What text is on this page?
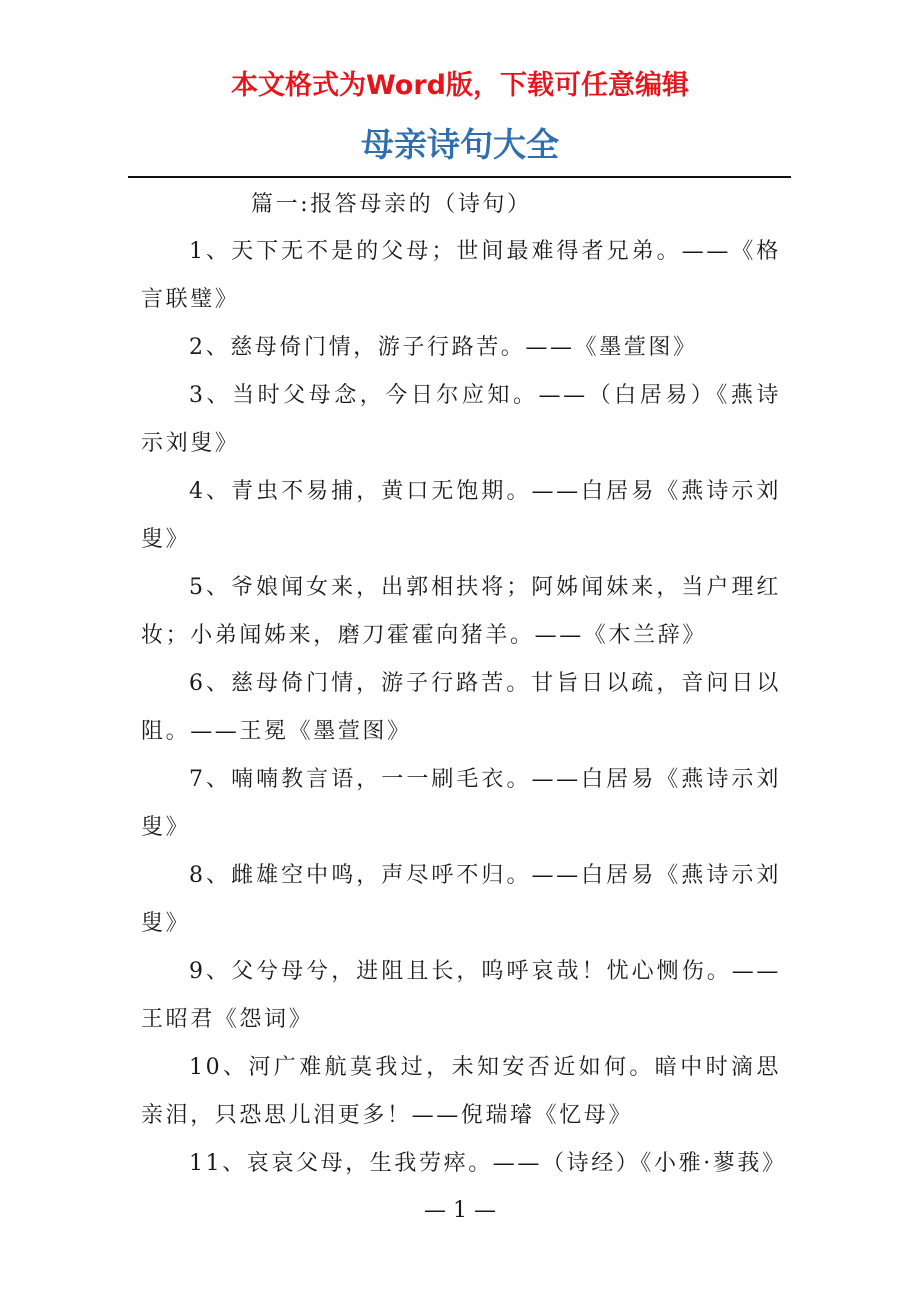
本文格式为Word版，下载可任意编辑

母亲诗句大全
篇一:报答母亲的（诗句）

1、天下无不是的父母；世间最难得者兄弟。——《格言联璧》

2、慈母倚门情，游子行路苦。——《墨萱图》

3、当时父母念，今日尔应知。——（白居易）《燕诗示刘叟》

4、青虫不易捕，黄口无饱期。——白居易《燕诗示刘叟》

5、爷娘闻女来，出郭相扶将；阿姊闻妹来，当户理红妆；小弟闻姊来，磨刀霍霍向猪羊。——《木兰辞》

6、慈母倚门情，游子行路苦。甘旨日以疏，音问日以阻。——王冕《墨萱图》

7、喃喃教言语，一一刷毛衣。——白居易《燕诗示刘叟》

8、雌雄空中鸣，声尽呼不归。——白居易《燕诗示刘叟》

9、父兮母兮，进阻且长，呜呼哀哉！忧心恻伤。——王昭君《怨词》

10、河广难航莫我过，未知安否近如何。暗中时滴思亲泪，只恐思儿泪更多！——倪瑞璿《忆母》

11、哀哀父母，生我劳瘁。——（诗经）《小雅·蓼莪》

— 1 —
